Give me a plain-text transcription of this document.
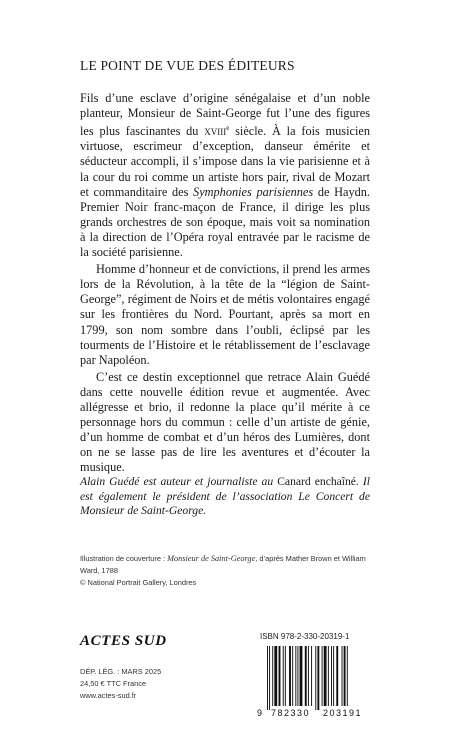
LE POINT DE VUE DES ÉDITEURS

Fils d’une esclave d’origine sénégalaise et d’un noble planteur, Monsieur de Saint-George fut l’une des figures les plus fascinantes du xviii$^e$ siècle. À la fois musicien virtuose, escrimeur d’exception, danseur émérite et séducteur accompli, il s’impose dans la vie parisienne et à la cour du roi comme un artiste hors pair, rival de Mozart et commanditaire des Symphonies parisiennes de Haydn. Premier Noir franc-maçon de France, il dirige les plus grands orchestres de son époque, mais voit sa nomination à la direction de l’Opéra royal entravée par le racisme de la société parisienne.

Homme d’honneur et de convictions, il prend les armes lors de la Révolution, à la tête de la “légion de Saint-George”, régiment de Noirs et de métis volontaires engagé sur les frontières du Nord. Pourtant, après sa mort en 1799, son nom sombre dans l’oubli, éclipsé par les tourments de l’Histoire et le rétablissement de l’esclavage par Napoléon.

C’est ce destin exceptionnel que retrace Alain Guédé dans cette nouvelle édition revue et augmentée. Avec allégresse et brio, il redonne la place qu’il mérite à ce personnage hors du commun : celle d’un artiste de génie, d’un homme de combat et d’un héros des Lumières, dont on ne se lasse pas de lire les aventures et d’écouter la musique.

Alain Guédé est auteur et journaliste au Canard enchaîné. Il est également le président de l’association Le Concert de Monsieur de Saint-George.
Illustration de couverture : Monsieur de Saint-George, d’après Mather Brown et William Ward, 1788
© National Portrait Gallery, Londres
ACTES SUD
DÉP. LÉG. : MARS 2025
24,50 € TTC France
www.actes-sud.fr
ISBN 978-2-330-20319-1
9 782330 203191
